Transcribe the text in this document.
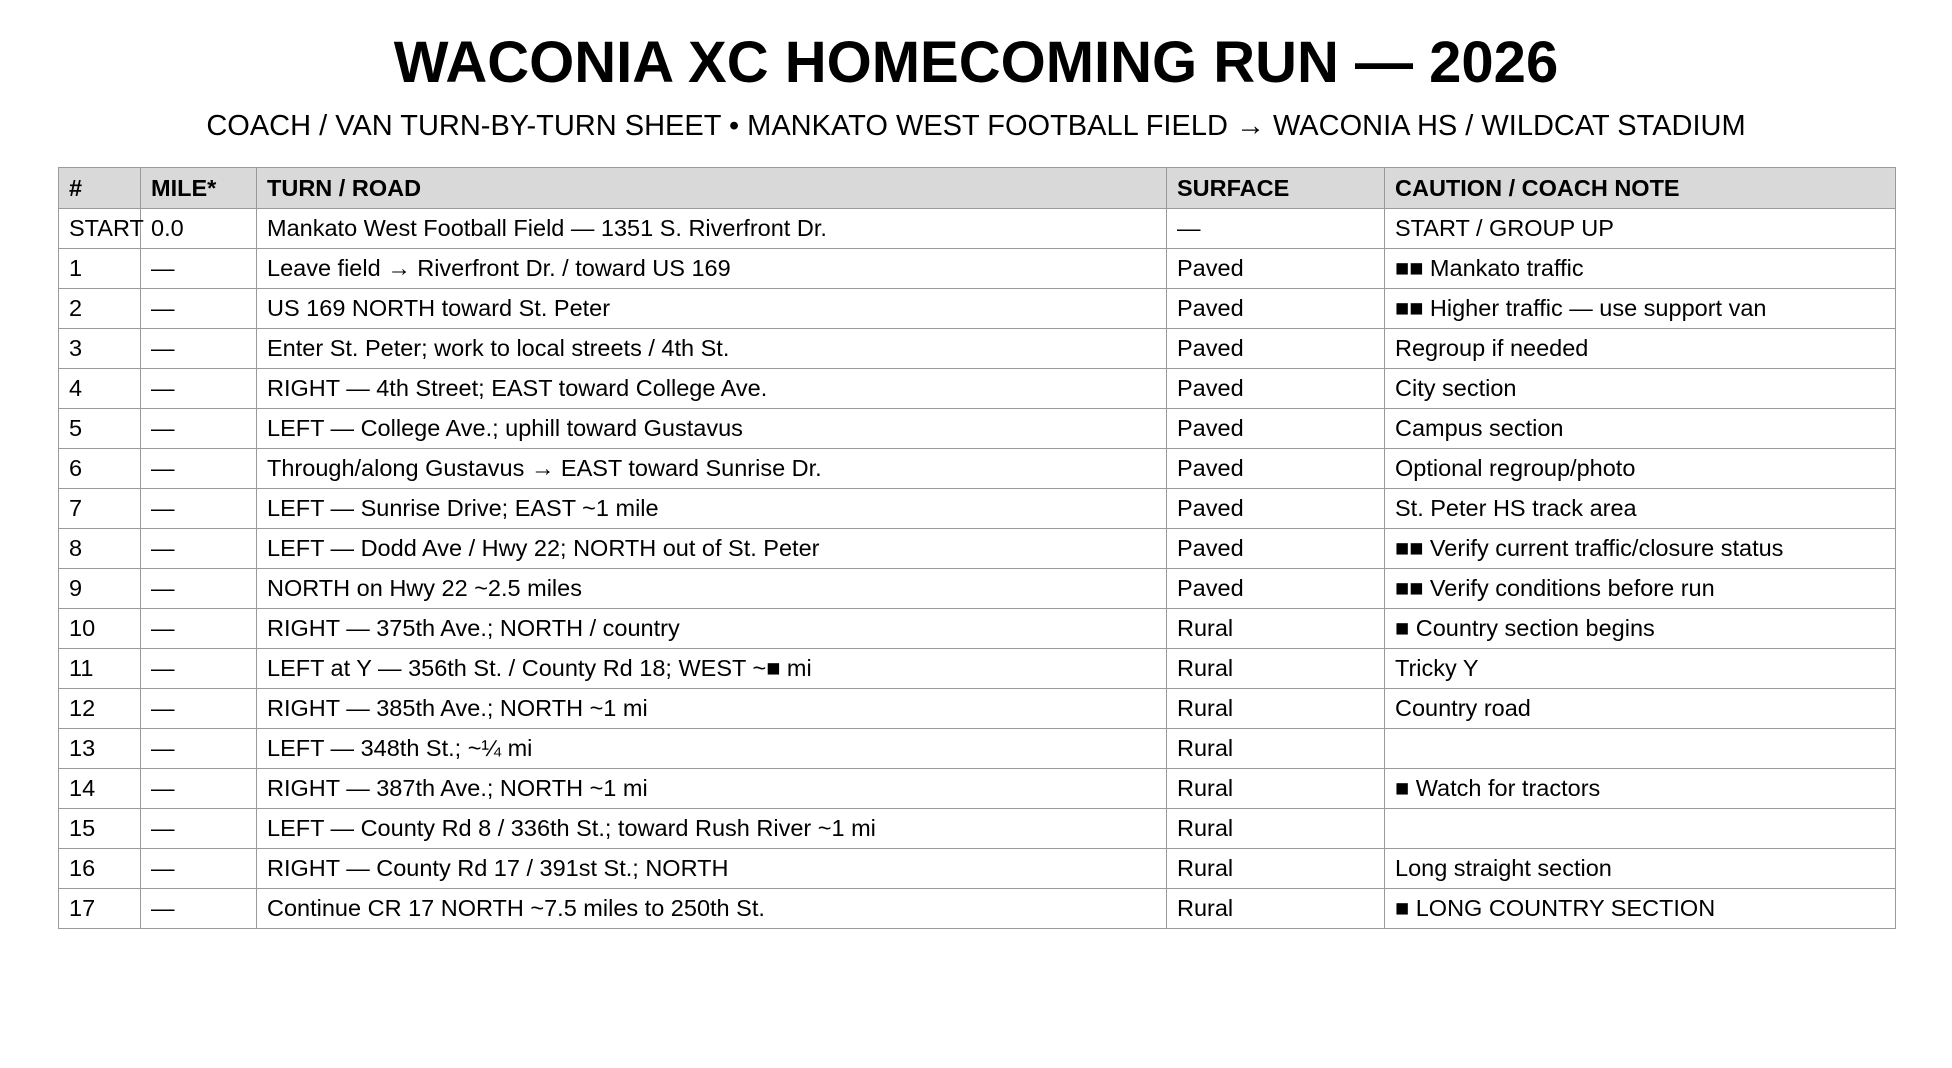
WACONIA XC HOMECOMING RUN — 2026
COACH / VAN TURN-BY-TURN SHEET • MANKATO WEST FOOTBALL FIELD → WACONIA HS / WILDCAT STADIUM
#	MILE*	TURN / ROAD	SURFACE	CAUTION / COACH NOTE
START	0.0	Mankato West Football Field — 1351 S. Riverfront Dr.	—	START / GROUP UP
1	—	Leave field → Riverfront Dr. / toward US 169	Paved	■■ Mankato traffic
2	—	US 169 NORTH toward St. Peter	Paved	■■ Higher traffic — use support van
3	—	Enter St. Peter; work to local streets / 4th St.	Paved	Regroup if needed
4	—	RIGHT — 4th Street; EAST toward College Ave.	Paved	City section
5	—	LEFT — College Ave.; uphill toward Gustavus	Paved	Campus section
6	—	Through/along Gustavus → EAST toward Sunrise Dr.	Paved	Optional regroup/photo
7	—	LEFT — Sunrise Drive; EAST ~1 mile	Paved	St. Peter HS track area
8	—	LEFT — Dodd Ave / Hwy 22; NORTH out of St. Peter	Paved	■■ Verify current traffic/closure status
9	—	NORTH on Hwy 22 ~2.5 miles	Paved	■■ Verify conditions before run
10	—	RIGHT — 375th Ave.; NORTH / country	Rural	■ Country section begins
11	—	LEFT at Y — 356th St. / County Rd 18; WEST ~■ mi	Rural	Tricky Y
12	—	RIGHT — 385th Ave.; NORTH ~1 mi	Rural	Country road
13	—	LEFT — 348th St.; ~¼ mi	Rural	
14	—	RIGHT — 387th Ave.; NORTH ~1 mi	Rural	■ Watch for tractors
15	—	LEFT — County Rd 8 / 336th St.; toward Rush River ~1 mi	Rural	
16	—	RIGHT — County Rd 17 / 391st St.; NORTH	Rural	Long straight section
17	—	Continue CR 17 NORTH ~7.5 miles to 250th St.	Rural	■ LONG COUNTRY SECTION
